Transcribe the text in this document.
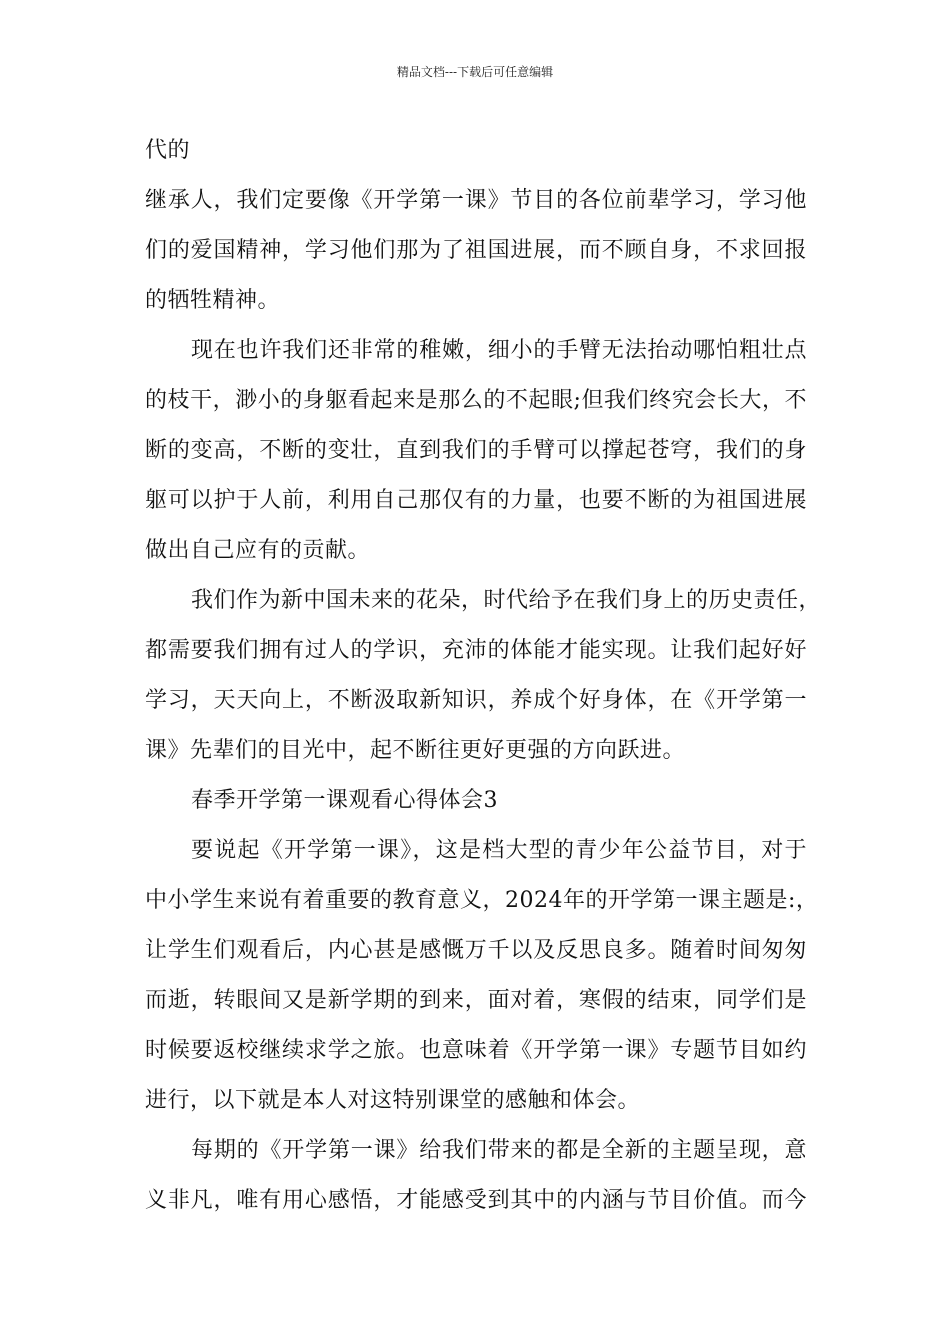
精品文档---下载后可任意编辑
代的
继承人，我们定要像《开学第一课》节目的各位前辈学习，学习他
们的爱国精神，学习他们那为了祖国进展，而不顾自身，不求回报
的牺牲精神。
现在也许我们还非常的稚嫩，细小的手臂无法抬动哪怕粗壮点
的枝干，渺小的身躯看起来是那么的不起眼;但我们终究会长大，不
断的变高，不断的变壮，直到我们的手臂可以撑起苍穹，我们的身
躯可以护于人前，利用自己那仅有的力量，也要不断的为祖国进展
做出自己应有的贡献。
我们作为新中国未来的花朵，时代给予在我们身上的历史责任，
都需要我们拥有过人的学识，充沛的体能才能实现。让我们起好好
学习，天天向上，不断汲取新知识，养成个好身体，在《开学第一
课》先辈们的目光中，起不断往更好更强的方向跃进。
春季开学第一课观看心得体会3
要说起《开学第一课》，这是档大型的青少年公益节目，对于
中小学生来说有着重要的教育意义，2024年的开学第一课主题是:，
让学生们观看后，内心甚是感慨万千以及反思良多。随着时间匆匆
而逝，转眼间又是新学期的到来，面对着，寒假的结束，同学们是
时候要返校继续求学之旅。也意味着《开学第一课》专题节目如约
进行，以下就是本人对这特别课堂的感触和体会。
每期的《开学第一课》给我们带来的都是全新的主题呈现，意
义非凡，唯有用心感悟，才能感受到其中的内涵与节目价值。而今
